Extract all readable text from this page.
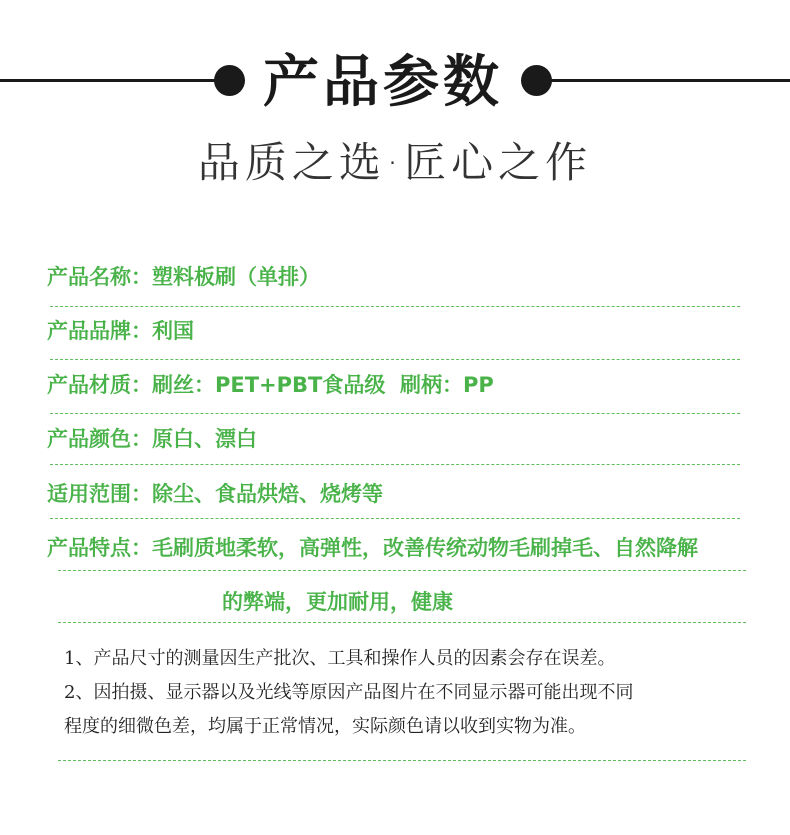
产品参数
品质之选·匠心之作
产品名称：塑料板刷（单排）
产品品牌：利国
产品材质：刷丝：PET+PBT食品级  刷柄：PP
产品颜色：原白、漂白
适用范围：除尘、食品烘焙、烧烤等
产品特点：毛刷质地柔软，高弹性，改善传统动物毛刷掉毛、自然降解
的弊端，更加耐用，健康

1、产品尺寸的测量因生产批次、工具和操作人员的因素会存在误差。

2、因拍摄、显示器以及光线等原因产品图片在不同显示器可能出现不同

程度的细微色差，均属于正常情况，实际颜色请以收到实物为准。
